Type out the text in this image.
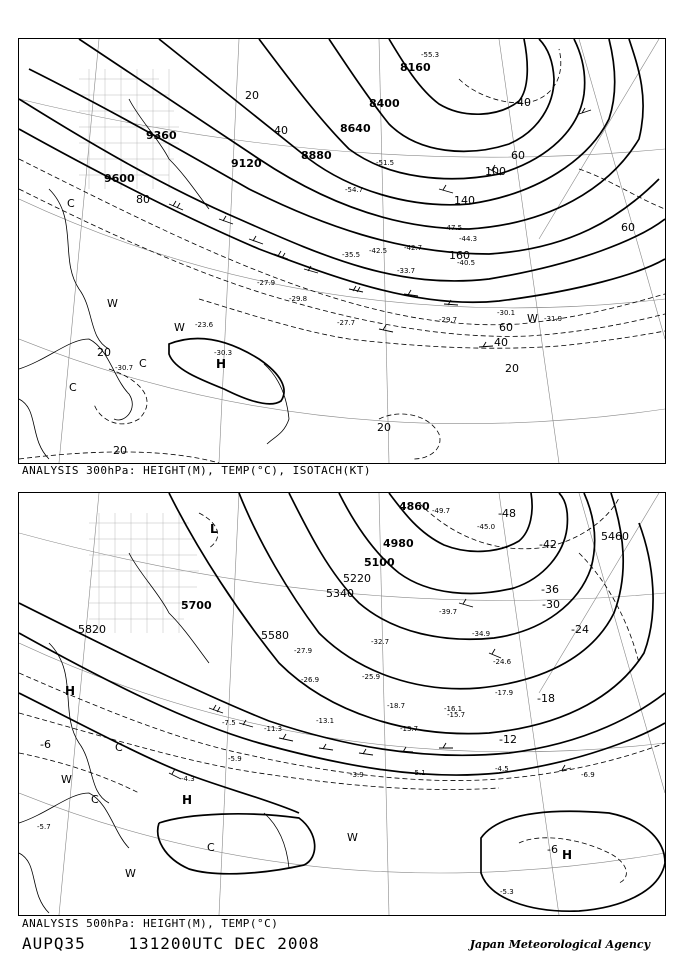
8160
8400
8640
8880
9120
9360
9600
20
40
60
80
100
140
160
20
40
20
20
20
40
60
60
H
C
W
C
W
C
W
-55.3
-54.7
-51.5
-47.5
-44.3
-40.5
-33.7
-30.1
-29.7
-29.8
-27.7
-30.3
-31.9
-27.9
-23.6
-30.7
-42.7
-42.5
-35.5
ANALYSIS 300hPa: HEIGHT(M), TEMP(°C), ISOTACH(KT)
4860
4980
5100
5220
5340
5460
5580
5700
5820
-48
-42
-36
-30
-24
-18
-12
-6
-6
L
H
H
H
C
C
C
W
W
W
-49.7
-45.0
-32.7
-27.9
-24.6
-17.9
-15.7
-13.1
-11.3
-7.5
-5.1	-4.5
-5.9
-6.9
-5.3
-3.9
-4.3
-5.7
-18.7
-39.7
-34.9
-26.9	-25.9
-16.1
-13.7
ANALYSIS 500hPa: HEIGHT(M), TEMP(°C)
AUPQ35	131200UTC DEC 2008	Japan Meteorological Agency
